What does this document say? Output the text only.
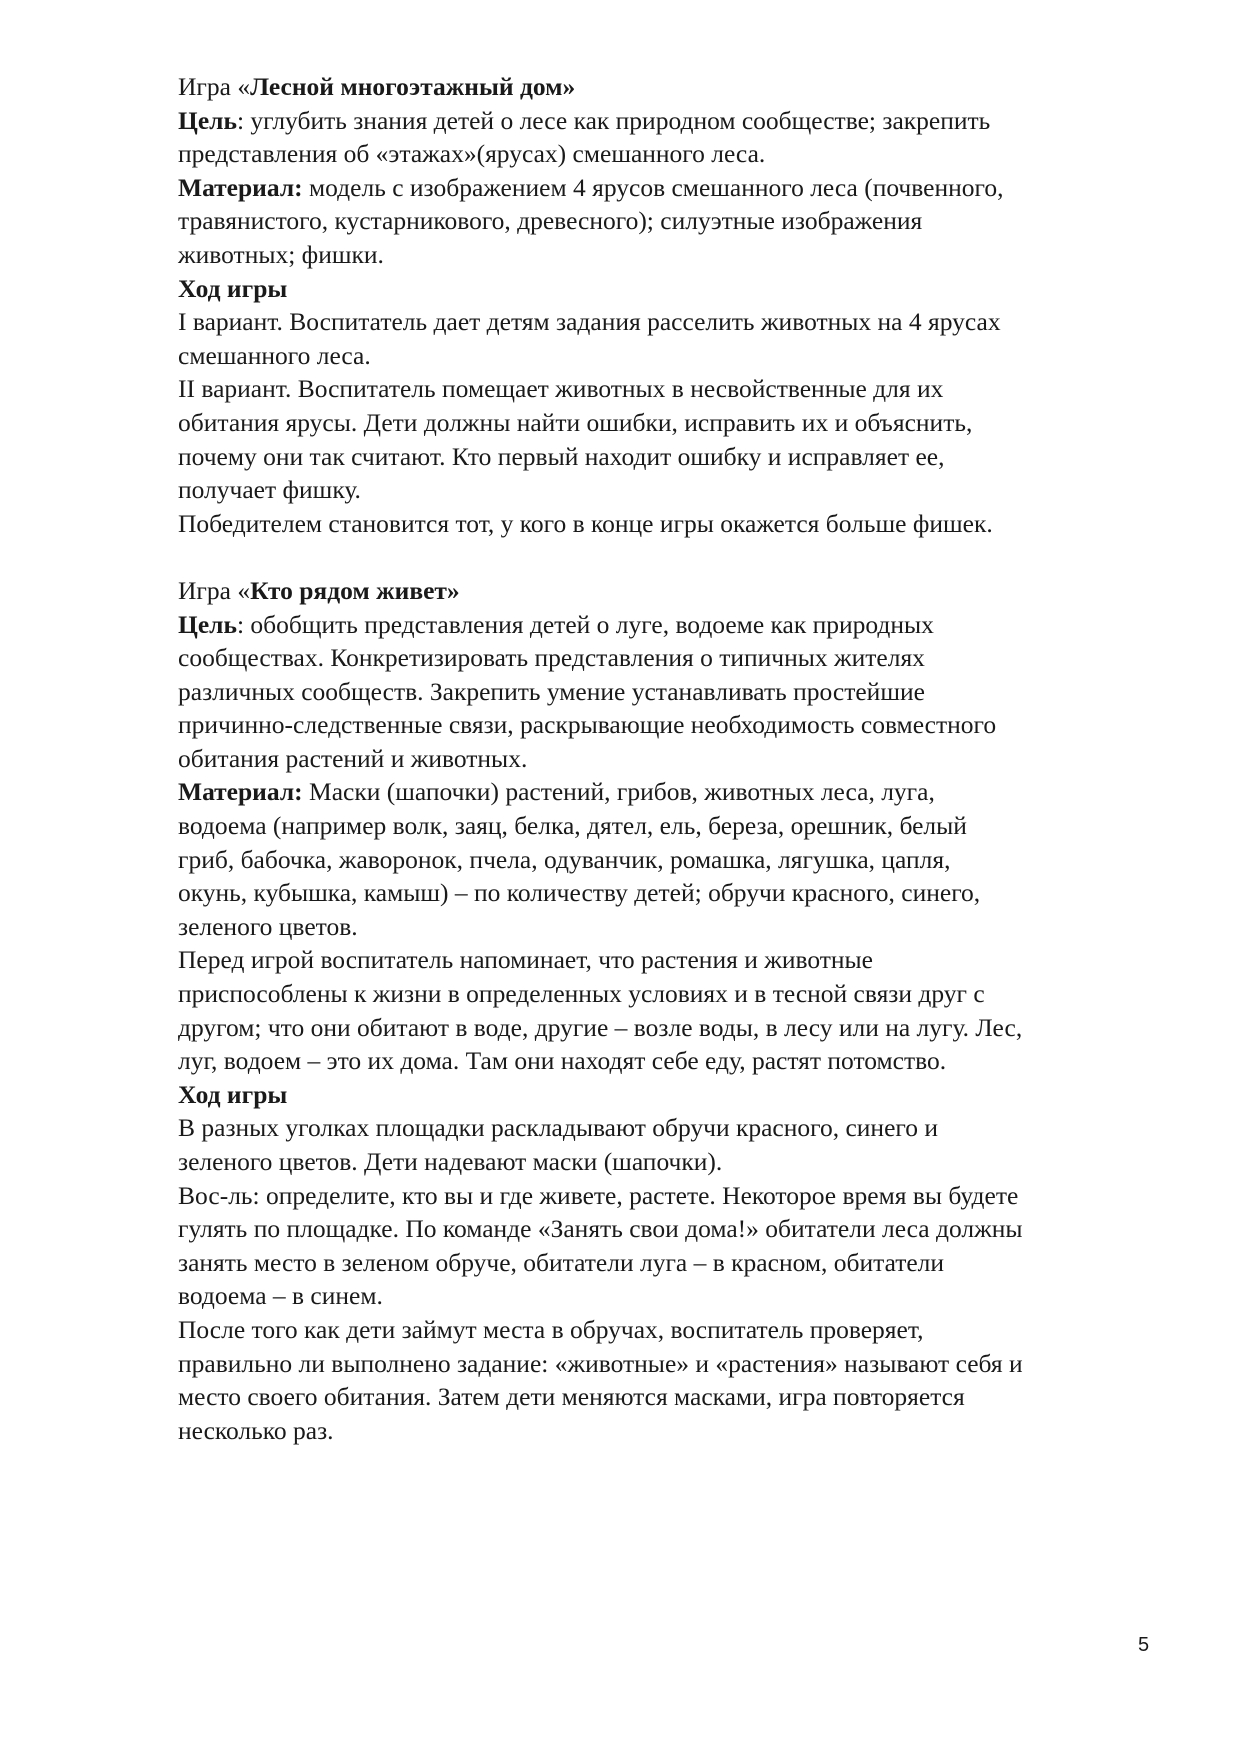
Игра «Лесной многоэтажный дом»
Цель: углубить знания детей о лесе как природном сообществе; закрепить
представления об «этажах»(ярусах) смешанного леса.
Материал: модель с изображением 4 ярусов смешанного леса (почвенного,
травянистого, кустарникового, древесного); силуэтные изображения
животных; фишки.
Ход игры
I вариант. Воспитатель дает детям задания расселить животных на 4 ярусах
смешанного леса.
II вариант. Воспитатель помещает животных в несвойственные для их
обитания ярусы. Дети должны найти ошибки, исправить их и объяснить,
почему они так считают. Кто первый находит ошибку и исправляет ее,
получает фишку.
Победителем становится тот, у кого в конце игры окажется больше фишек.
Игра «Кто рядом живет»
Цель: обобщить представления детей о луге, водоеме как природных
сообществах. Конкретизировать представления о типичных жителях
различных сообществ. Закрепить умение устанавливать простейшие
причинно-следственные связи, раскрывающие необходимость совместного
обитания растений и животных.
Материал: Маски (шапочки) растений, грибов, животных леса, луга,
водоема (например волк, заяц, белка, дятел, ель, береза, орешник, белый
гриб, бабочка, жаворонок, пчела, одуванчик, ромашка, лягушка, цапля,
окунь, кубышка, камыш) – по количеству детей; обручи красного, синего,
зеленого цветов.
Перед игрой воспитатель напоминает, что растения и животные
приспособлены к жизни в определенных условиях и в тесной связи друг с
другом; что они обитают в воде, другие – возле воды, в лесу или на лугу. Лес,
луг, водоем – это их дома. Там они находят себе еду, растят потомство.
Ход игры
В разных уголках площадки раскладывают обручи красного, синего и
зеленого цветов. Дети надевают маски (шапочки).
Вос-ль: определите, кто вы и где живете, растете. Некоторое время вы будете
гулять по площадке. По команде «Занять свои дома!» обитатели леса должны
занять место в зеленом обруче, обитатели луга – в красном, обитатели
водоема – в синем.
После того как дети займут места в обручах, воспитатель проверяет,
правильно ли выполнено задание: «животные» и «растения» называют себя и
место своего обитания. Затем дети меняются масками, игра повторяется
несколько раз.
5
